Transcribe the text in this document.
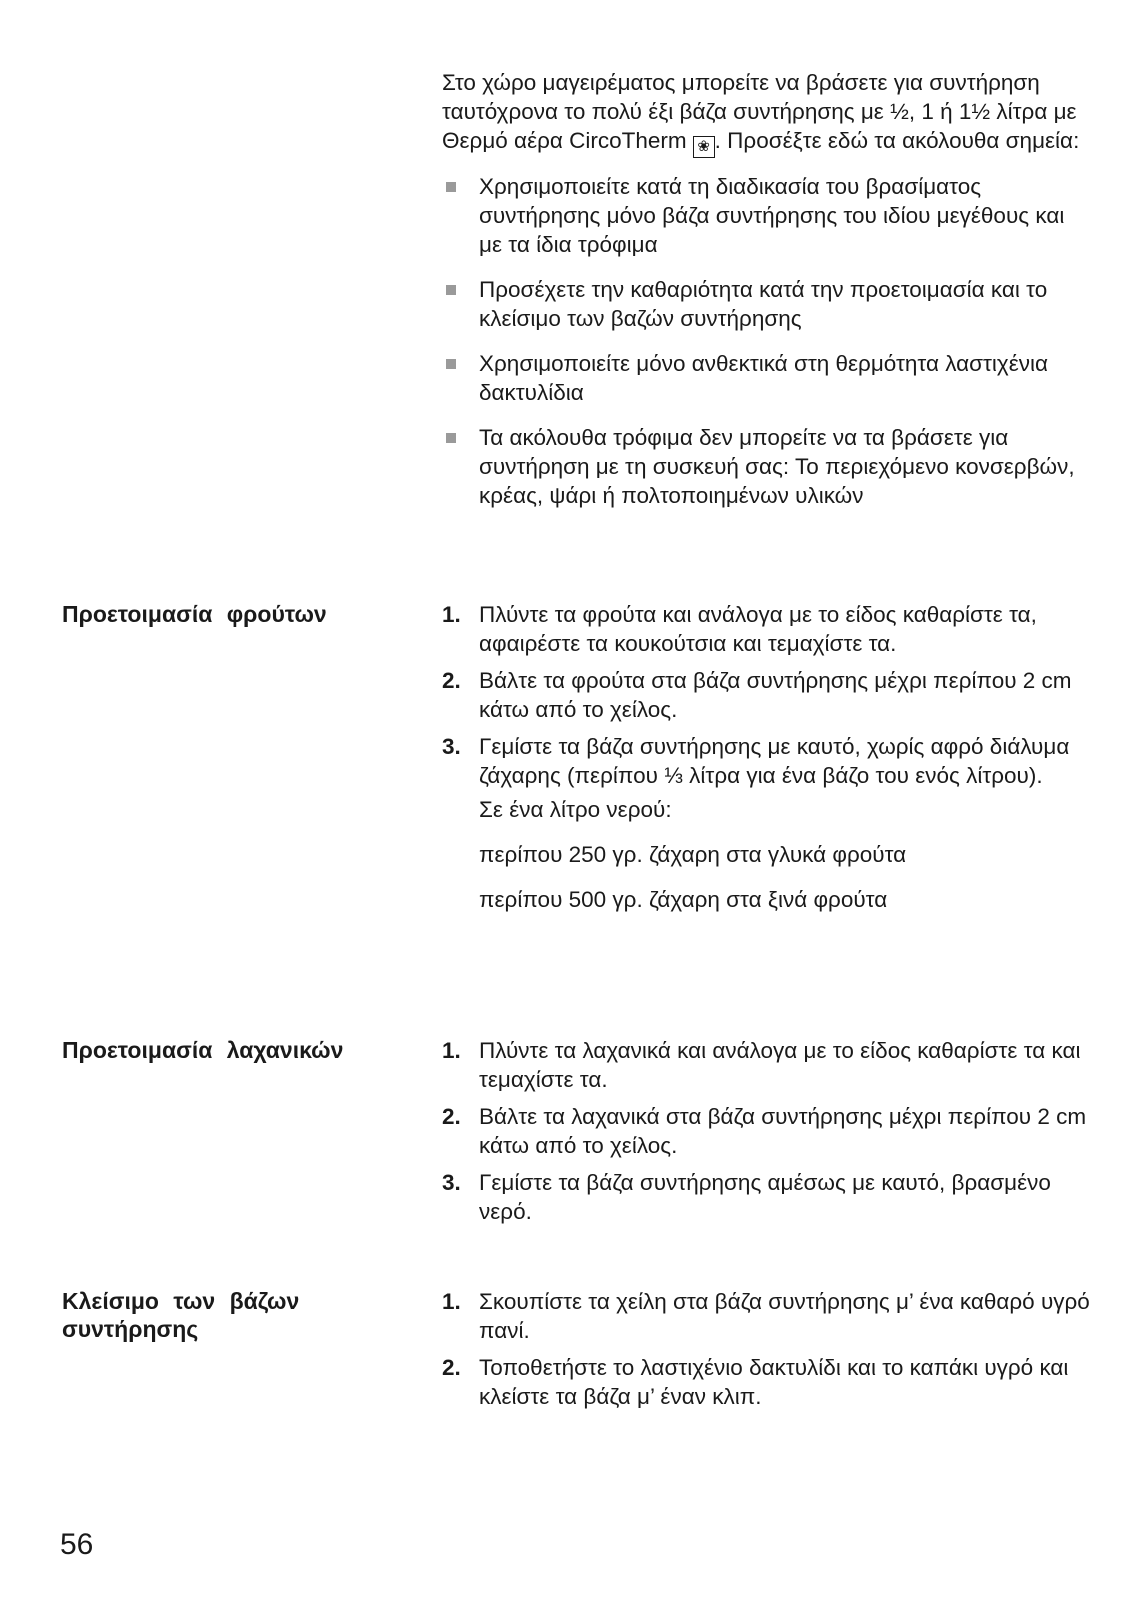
Στο χώρο μαγειρέματος μπορείτε να βράσετε για συντήρηση ταυτόχρονα το πολύ έξι βάζα συντήρησης με ½, 1 ή 1½ λίτρα με Θερμό αέρα CircoTherm ❀ . Προσέξτε εδώ τα ακόλουθα σημεία:

Χρησιμοποιείτε κατά τη διαδικασία του βρασίματος συντήρησης μόνο βάζα συντήρησης του ιδίου μεγέθους και με τα ίδια τρόφιμα
Προσέχετε την καθαριότητα κατά την προετοιμασία και το κλείσιμο των βαζών συντήρησης
Χρησιμοποιείτε μόνο ανθεκτικά στη θερμότητα λαστιχένια δακτυλίδια
Τα ακόλουθα τρόφιμα δεν μπορείτε να τα βράσετε για συντήρηση με τη συσκευή σας: Το περιεχόμενο κονσερβών, κρέας, ψάρι ή πολτοποιημένων υλικών
Προετοιμασία φρούτων	1. Πλύντε τα φρούτα και ανάλογα με το είδος καθαρίστε τα, αφαιρέστε τα κουκούτσια και τεμαχίστε τα.
2. Βάλτε τα φρούτα στα βάζα συντήρησης μέχρι περίπου 2 cm κάτω από το χείλος.
3. Γεμίστε τα βάζα συντήρησης με καυτό, χωρίς αφρό διάλυμα ζάχαρης (περίπου ⅓ λίτρα για ένα βάζο του ενός λίτρου).
Σε ένα λίτρο νερού:
περίπου 250 γρ. ζάχαρη στα γλυκά φρούτα
περίπου 500 γρ. ζάχαρη στα ξινά φρούτα
Προετοιμασία λαχανικών	1. Πλύντε τα λαχανικά και ανάλογα με το είδος καθαρίστε τα και τεμαχίστε τα.
2. Βάλτε τα λαχανικά στα βάζα συντήρησης μέχρι περίπου 2 cm κάτω από το χείλος.
3. Γεμίστε τα βάζα συντήρησης αμέσως με καυτό, βρασμένο νερό.
Κλείσιμο των βάζων συντήρησης
1. Σκουπίστε τα χείλη στα βάζα συντήρησης μ’ ένα καθαρό υγρό πανί.
2. Τοποθετήστε το λαστιχένιο δακτυλίδι και το καπάκι υγρό και κλείστε τα βάζα μ’ έναν κλιπ.
56
